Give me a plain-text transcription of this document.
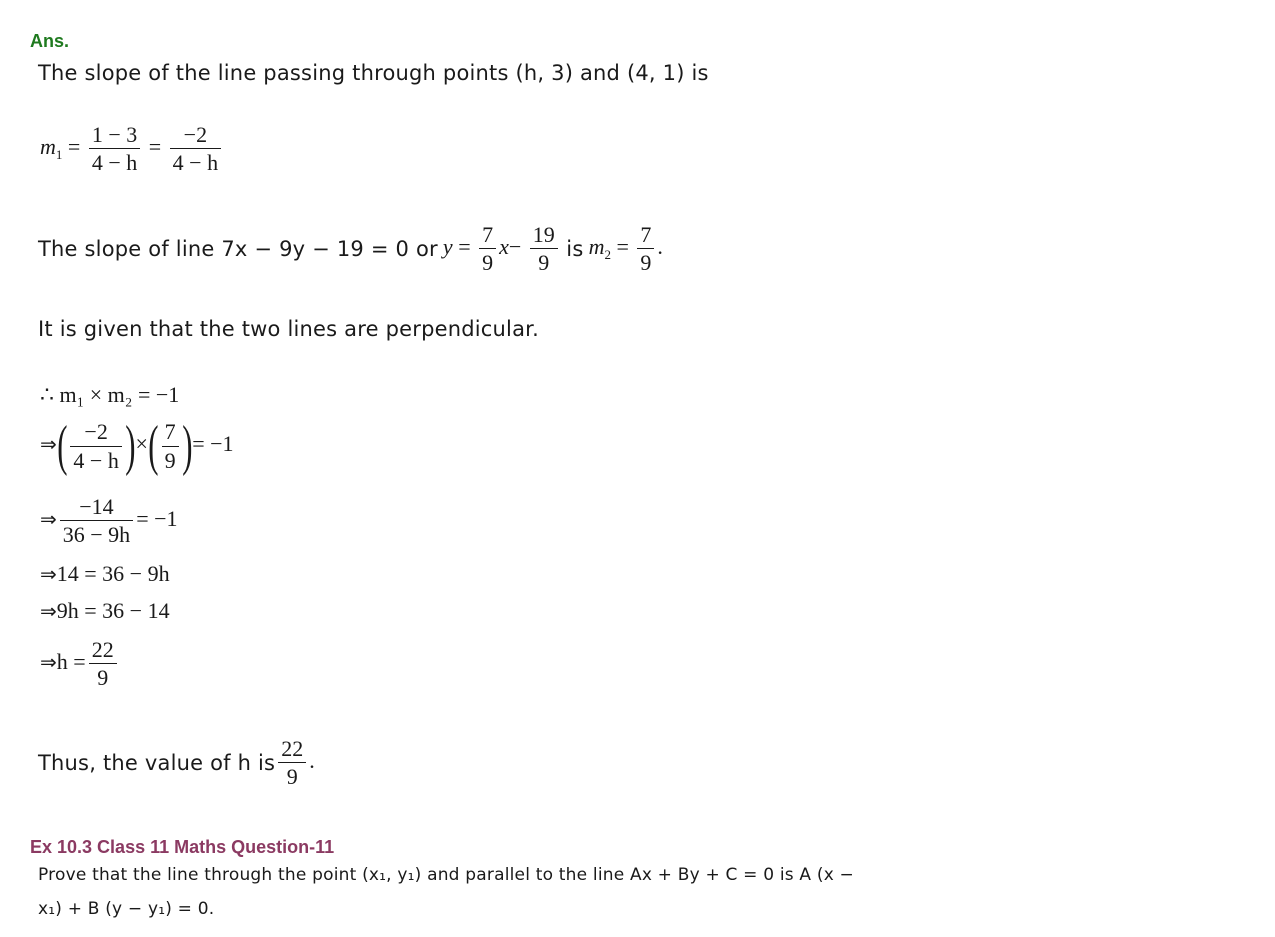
Ans.
The slope of the line passing through points (h, 3) and (4, 1) is
$m_1 = \frac{1 - 3}{4 - h} = \frac{-2}{4 - h}$
The slope of line 7x − 9y − 19 = 0 or $y = \frac{7}{9} x- \frac{19}{9}$ is $m_2 = \frac{7}{9}$ .
It is given that the two lines are perpendicular.
∴ m₁ × m₂ = −1
⇒( $\frac{-2}{4 - h}$ )×( $\frac{7}{9}$ )= −1
⇒ $\frac{-14}{36 - 9h} = -1$
⇒14 = 36 − 9h
⇒9h = 36 − 14
⇒h = $\frac{22}{9}$
Thus, the value of h is $\frac{22}{9}$ .
Ex 10.3 Class 11 Maths Question-11
Prove that the line through the point (x₁, y₁) and parallel to the line Ax + By + C = 0 is A (x −
x₁) + B (y − y₁) = 0.
